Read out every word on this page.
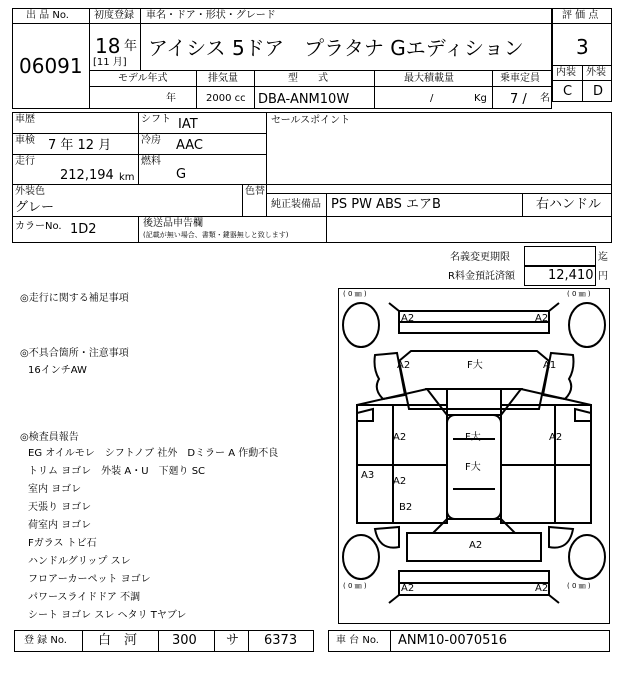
出 品 No.
06091
初度登録
18 年
[11 月]
車名・ドア・形状・グレード
アイシス 5ドア　プラタナ Gエディション
評 価 点
3
内装 外装
C D
モデル年式
年
排気量
2000 cc
型　　式
DBA-ANM10W
最大積載量
/	Kg
乗車定員
7 / 名
車歴	シフト IAT	セールスポイント
車検 7 年 12 月	冷房 AAC
走行
212,194 km
燃料
G
外装色
グレー
色替
純正装備品 PS PW ABS エアB	右ハンドル
カラーNo. 1D2	後送品申告欄
(記載が無い場合、書類・鍵器無しと致します)
名義変更期限	迄
R料金預託済額	12,410 円
◎走行に関する補足事項
◎不具合箇所・注意事項
16インチAW
◎検査員報告
EG オイルモレ　シフトノブ 社外　Dミラー A 作動不良
トリム ヨゴレ　外装 A・U　下廻り SC
室内 ヨゴレ
天張り ヨゴレ
荷室内 ヨゴレ
Fガラス トビ石
ハンドルグリップ スレ
フロアーカーペット ヨゴレ
パワースライドドア 不調
シート ヨゴレ スレ ヘタリ Tヤブレ
( 0 ㎜ )	( 0 ㎜ )
( 0 ㎜ )	( 0 ㎜ )
A2	A2
A2	F大	A1
A2	F大	A2
F大
A3
A2
B2
A2
A2	A2
登 録 No. 白　河	300 サ 6373	車 台 No. ANM10-0070516
